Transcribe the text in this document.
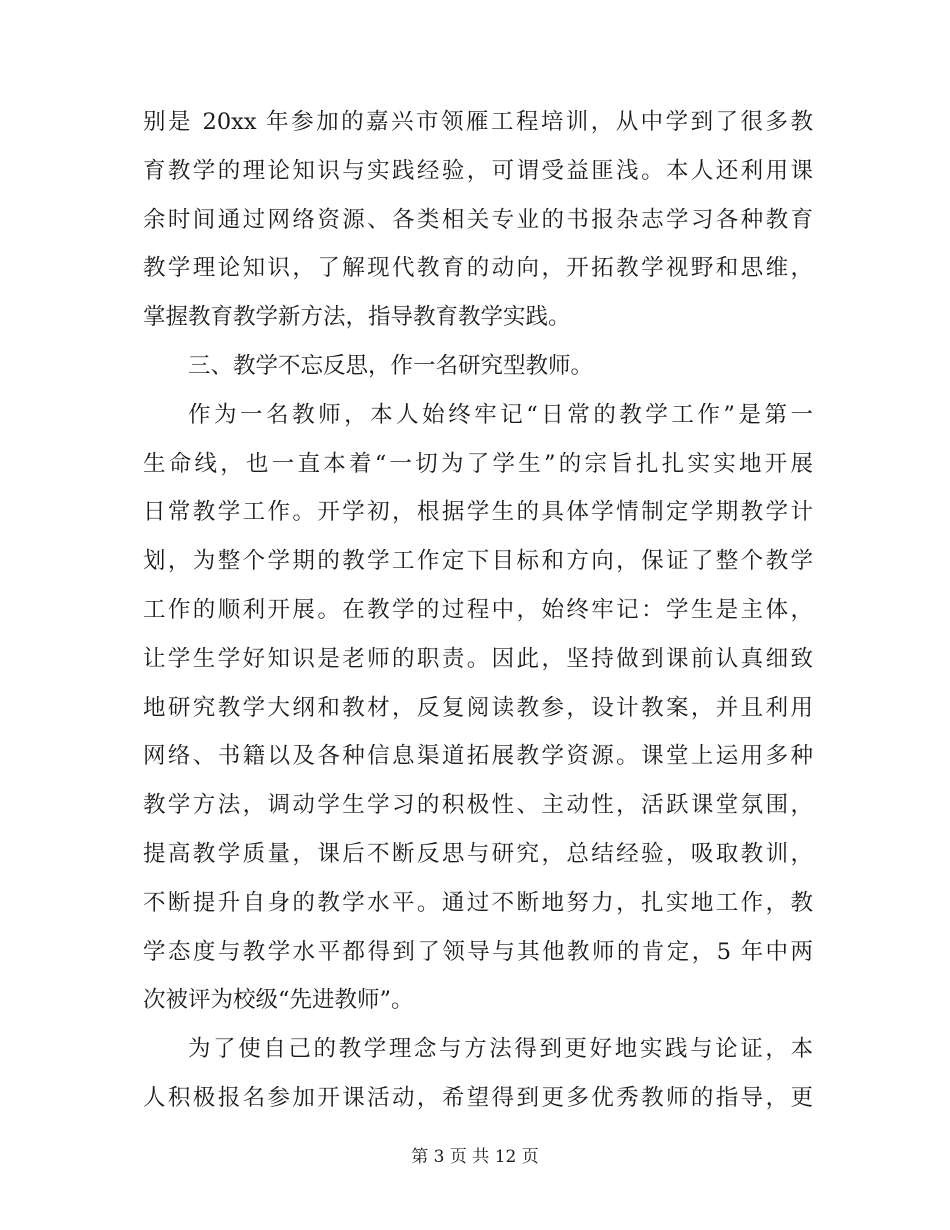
别是 20xx 年参加的嘉兴市领雁工程培训，从中学到了很多教
育教学的理论知识与实践经验，可谓受益匪浅。本人还利用课
余时间通过网络资源、各类相关专业的书报杂志学习各种教育
教学理论知识，了解现代教育的动向，开拓教学视野和思维，
掌握教育教学新方法，指导教育教学实践。
三、教学不忘反思，作一名研究型教师。
作为一名教师，本人始终牢记“日常的教学工作”是第一
生命线，也一直本着“一切为了学生”的宗旨扎扎实实地开展
日常教学工作。开学初，根据学生的具体学情制定学期教学计
划，为整个学期的教学工作定下目标和方向，保证了整个教学
工作的顺利开展。在教学的过程中，始终牢记：学生是主体，
让学生学好知识是老师的职责。因此，坚持做到课前认真细致
地研究教学大纲和教材，反复阅读教参，设计教案，并且利用
网络、书籍以及各种信息渠道拓展教学资源。课堂上运用多种
教学方法，调动学生学习的积极性、主动性，活跃课堂氛围，
提高教学质量，课后不断反思与研究，总结经验，吸取教训，
不断提升自身的教学水平。通过不断地努力，扎实地工作，教
学态度与教学水平都得到了领导与其他教师的肯定，5 年中两
次被评为校级“先进教师”。
为了使自己的教学理念与方法得到更好地实践与论证，本
人积极报名参加开课活动，希望得到更多优秀教师的指导，更
第 3 页 共 12 页
